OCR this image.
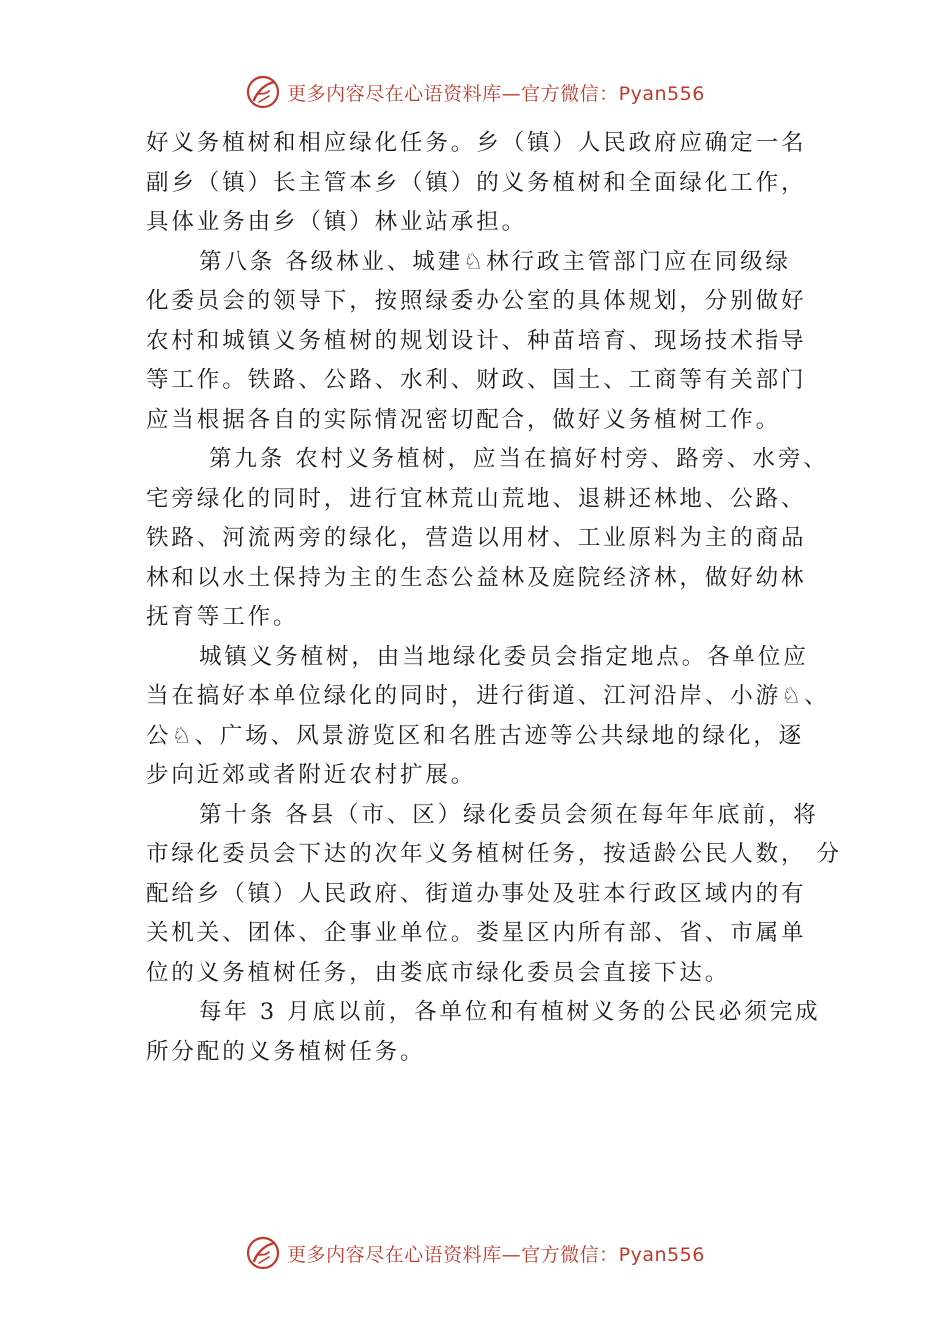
更多内容尽在心语资料库—官方微信：Pyan556
好义务植树和相应绿化任务。乡（镇）人民政府应确定一名
副乡（镇）长主管本乡（镇）的义务植树和全面绿化工作，
具体业务由乡（镇）林业站承担。
第八条 各级林业、城建♘林行政主管部门应在同级绿
化委员会的领导下，按照绿委办公室的具体规划，分别做好
农村和城镇义务植树的规划设计、种苗培育、现场技术指导
等工作。铁路、公路、水利、财政、国土、工商等有关部门
应当根据各自的实际情况密切配合，做好义务植树工作。
第九条 农村义务植树，应当在搞好村旁、路旁、水旁、
宅旁绿化的同时，进行宜林荒山荒地、退耕还林地、公路、
铁路、河流两旁的绿化，营造以用材、工业原料为主的商品
林和以水土保持为主的生态公益林及庭院经济林，做好幼林
抚育等工作。
城镇义务植树，由当地绿化委员会指定地点。各单位应
当在搞好本单位绿化的同时，进行街道、江河沿岸、小游♘、
公♘、广场、风景游览区和名胜古迹等公共绿地的绿化，逐
步向近郊或者附近农村扩展。
第十条 各县（市、区）绿化委员会须在每年年底前，将
市绿化委员会下达的次年义务植树任务，按适龄公民人数， 分
配给乡（镇）人民政府、街道办事处及驻本行政区域内的有
关机关、团体、企事业单位。娄星区内所有部、省、市属单
位的义务植树任务，由娄底市绿化委员会直接下达。
每年 3 月底以前，各单位和有植树义务的公民必须完成
所分配的义务植树任务。
更多内容尽在心语资料库—官方微信：Pyan556
